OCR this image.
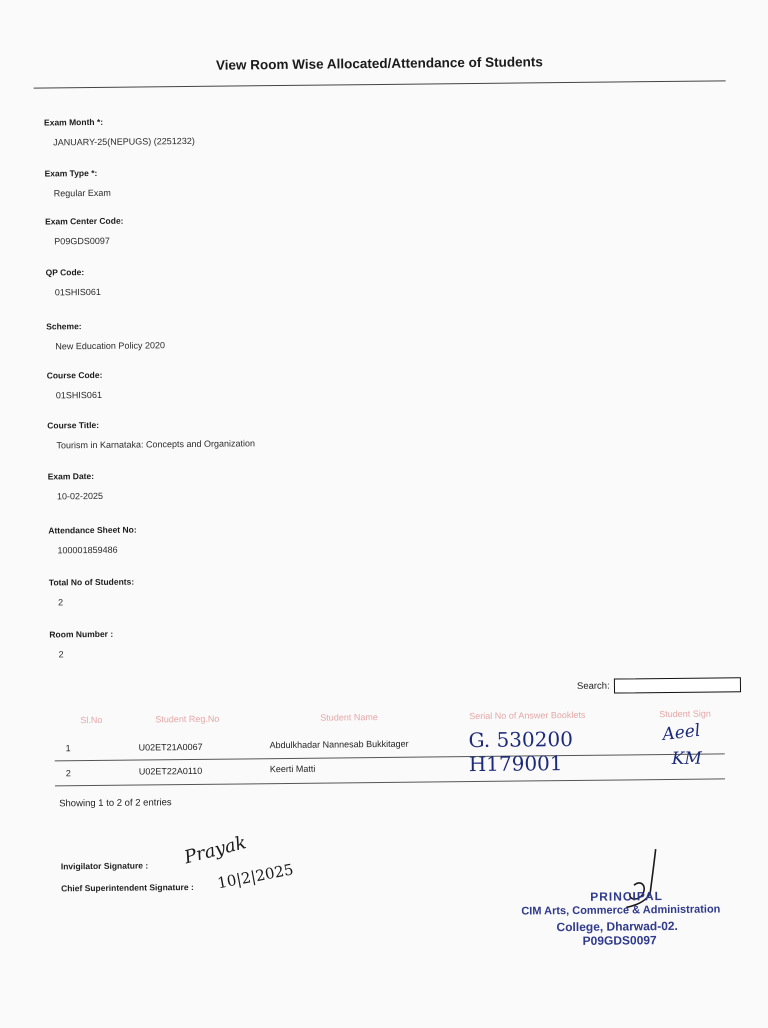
View Room Wise Allocated/Attendance of Students
Exam Month *:
JANUARY-25(NEPUGS) (2251232)
Exam Type *:
Regular Exam
Exam Center Code:
P09GDS0097
QP Code:
01SHIS061
Scheme:
New Education Policy 2020
Course Code:
01SHIS061
Course Title:
Tourism in Karnataka: Concepts and Organization
Exam Date:
10-02-2025
Attendance Sheet No:
100001859486
Total No of Students:
2
Room Number :
2
Search:
Sl.No	Student Reg.No	Student Name	Serial No of Answer Booklets	Student Sign
1	U02ET21A0067	Abdulkhadar Nannesab Bukkitager	G. 530200	Aeel
2	U02ET22A0110	Keerti Matti	H179001	KM
Showing 1 to 2 of 2 entries
Invigilator Signature :
Chief Superintendent Signature :
Prayak
10|2|2025
PRINCIPAL
CIM Arts, Commerce & Administration
College, Dharwad-02.
P09GDS0097
